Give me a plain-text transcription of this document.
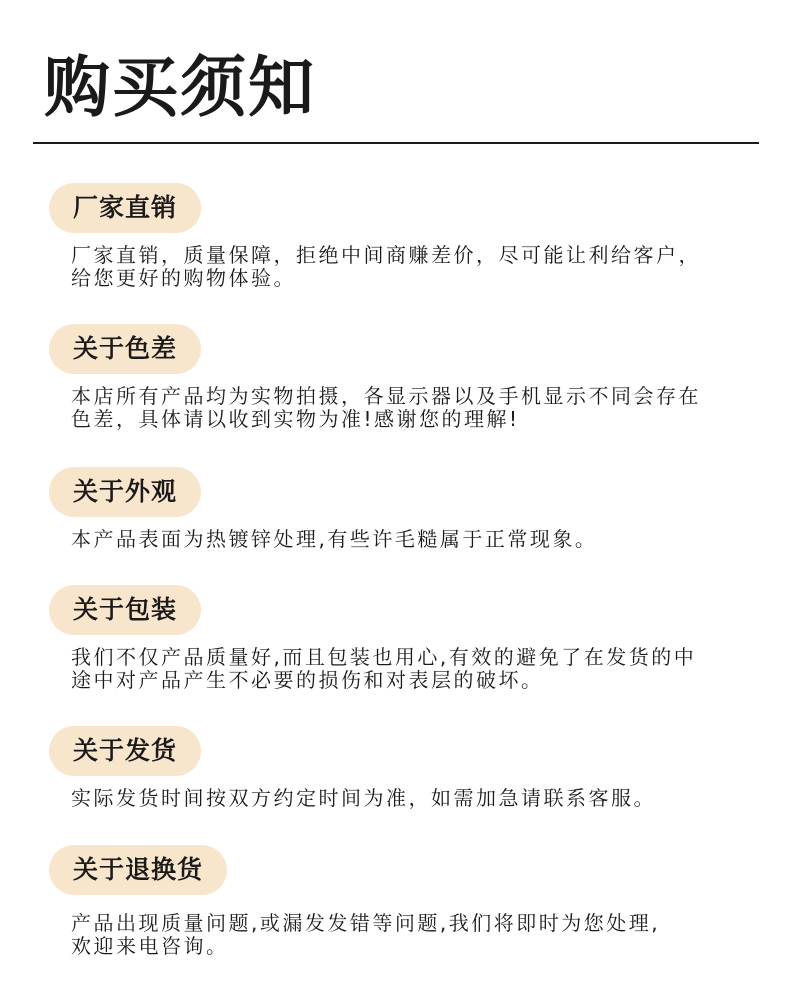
购买须知
厂家直销

厂家直销，质量保障，拒绝中间商赚差价，尽可能让利给客户，
给您更好的购物体验。

关于色差

本店所有产品均为实物拍摄，各显示器以及手机显示不同会存在
色差，具体请以收到实物为准!感谢您的理解!

关于外观

本产品表面为热镀锌处理,有些许毛糙属于正常现象。

关于包装

我们不仅产品质量好,而且包装也用心,有效的避免了在发货的中
途中对产品产生不必要的损伤和对表层的破坏。

关于发货

实际发货时间按双方约定时间为准，如需加急请联系客服。

关于退换货

产品出现质量问题,或漏发发错等问题,我们将即时为您处理,
欢迎来电咨询。
